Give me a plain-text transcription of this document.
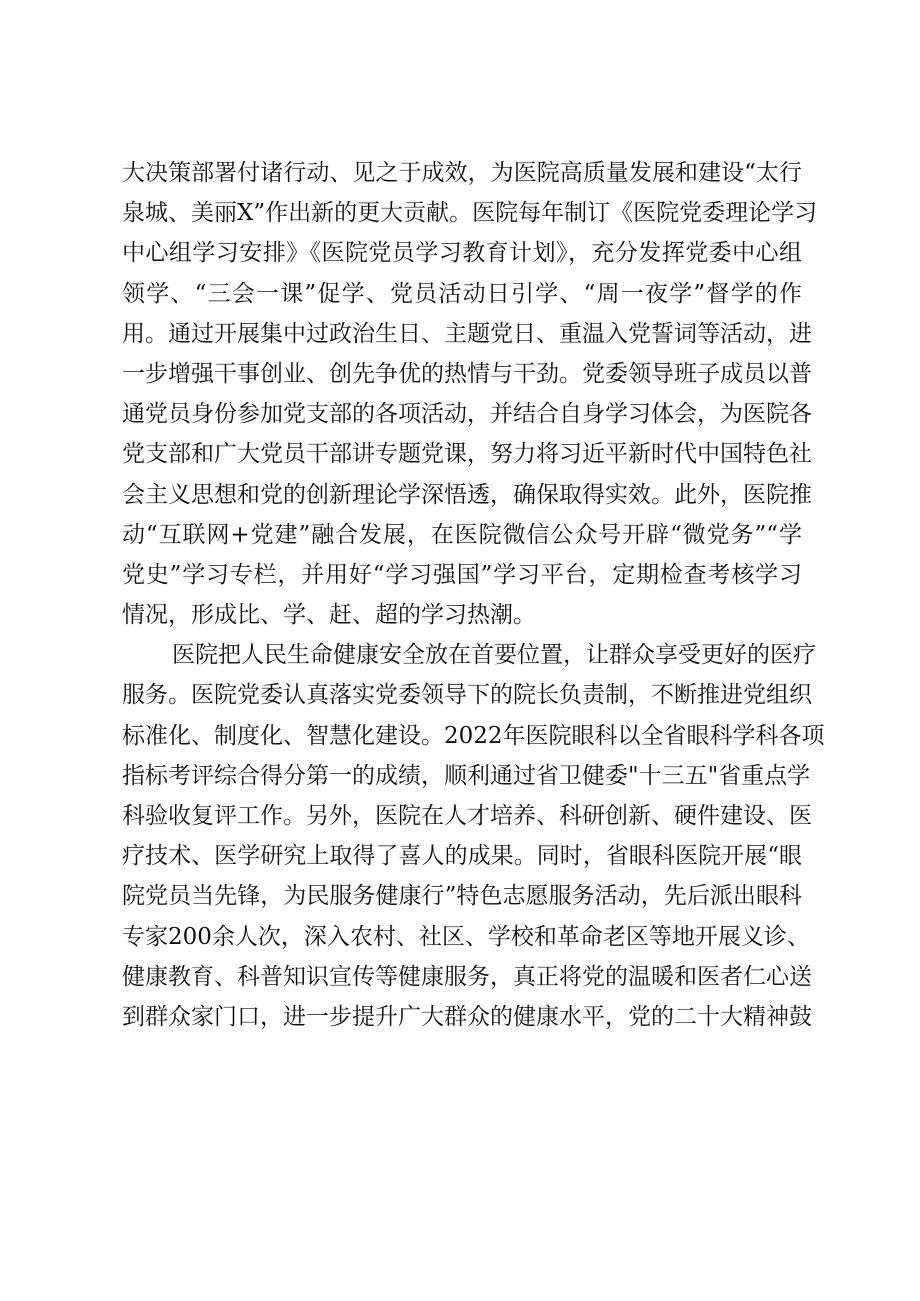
大决策部署付诸行动、见之于成效，为医院高质量发展和建设“太行
泉城、美丽X”作出新的更大贡献。医院每年制订《医院党委理论学习
中心组学习安排》《医院党员学习教育计划》，充分发挥党委中心组
领学、“三会一课”促学、党员活动日引学、“周一夜学”督学的作
用。通过开展集中过政治生日、主题党日、重温入党誓词等活动，进
一步增强干事创业、创先争优的热情与干劲。党委领导班子成员以普
通党员身份参加党支部的各项活动，并结合自身学习体会，为医院各
党支部和广大党员干部讲专题党课，努力将习近平新时代中国特色社
会主义思想和党的创新理论学深悟透，确保取得实效。此外，医院推
动“互联网+党建”融合发展，在医院微信公众号开辟“微党务”“学
党史”学习专栏，并用好“学习强国”学习平台，定期检查考核学习
情况，形成比、学、赶、超的学习热潮。
医院把人民生命健康安全放在首要位置，让群众享受更好的医疗
服务。医院党委认真落实党委领导下的院长负责制，不断推进党组织
标准化、制度化、智慧化建设。2022年医院眼科以全省眼科学科各项
指标考评综合得分第一的成绩，顺利通过省卫健委"十三五"省重点学
科验收复评工作。另外，医院在人才培养、科研创新、硬件建设、医
疗技术、医学研究上取得了喜人的成果。同时，省眼科医院开展“眼
院党员当先锋，为民服务健康行”特色志愿服务活动，先后派出眼科
专家200余人次，深入农村、社区、学校和革命老区等地开展义诊、
健康教育、科普知识宣传等健康服务，真正将党的温暖和医者仁心送
到群众家门口，进一步提升广大群众的健康水平，党的二十大精神鼓
